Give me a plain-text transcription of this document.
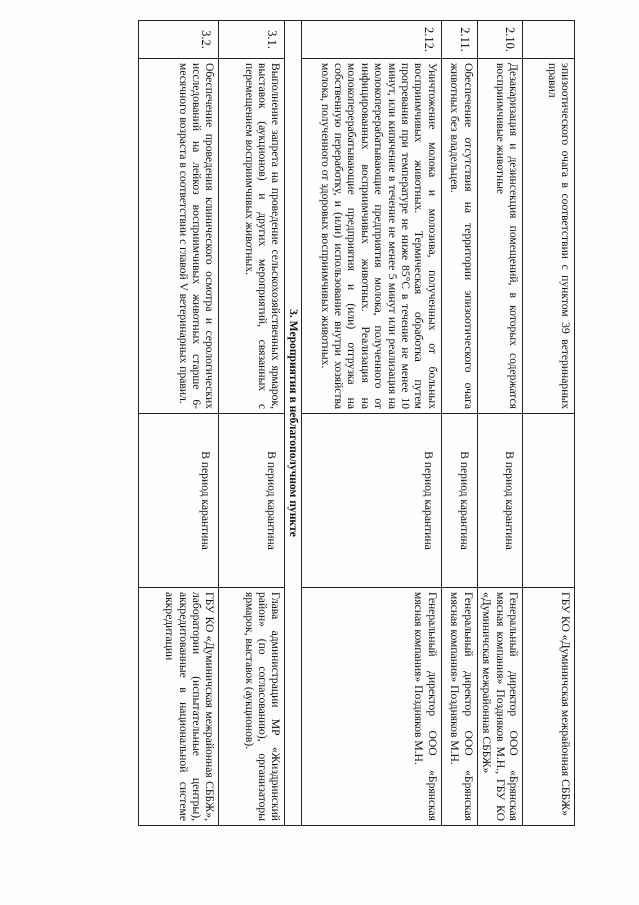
	эпизоотического очага в соответствии с пунктом 39 ветеринарных правил		ГБУ КО «Думиничская межрайонная СББЖ»
2.10.	Дезакаризация и дезинсекция помещений, в которых содержатся восприимчивые животные	В период карантина	Генеральный директор ООО «Брянская мясная компания» Поздняков М.Н., ГБУ КО «Думиничская межрайонная СББЖ»
2.11.	Обеспечение отсутствия на территории эпизоотического очага животных без владельцев.	В период карантина	Генеральный директор ООО «Брянская мясная компания» Поздняков М.Н.
2.12.	Уничтожение молока и молозива, полученных от больных восприимчивых животных. Термическая обработка путем прогревания при температуре не ниже 85°С в течение не менее 10 минут, или кипячение в течение не менее 5 минут или реализация на молокоперерабатывающие предприятия молока, полученного от инфицированных восприимчивых животных. Реализация на молокоперерабатывающие предприятия и (или) отгрузка на собственную переработку, и (или) использование внутри хозяйства молока, полученного от здоровых восприимчивых животных.	В период карантина	Генеральный директор ООО «Брянская мясная компания» Поздняков М.Н.
3. Мероприятия в неблагополучном пункте			
3.1.	Выполнение запрета на проведение сельскохозяйственных ярмарок, выставок (аукционов) и других мероприятий, связанных с перемещением восприимчивых животных.	В период карантина	Глава администрации МР «Жиздринский район» (по согласованию), организаторы ярмарок, выставок (аукционов).
3.2.	Обеспечение проведения клинического осмотра и серологических исследований на лейкоз восприимчивых животных старше 6-месячного возраста в соответствии с главой V ветеринарных правил.	В период карантина	ГБУ КО «Думиничская межрайонная СББЖ», лаборатории (испытательные центры), аккредитованные в национальной системе аккредитации
